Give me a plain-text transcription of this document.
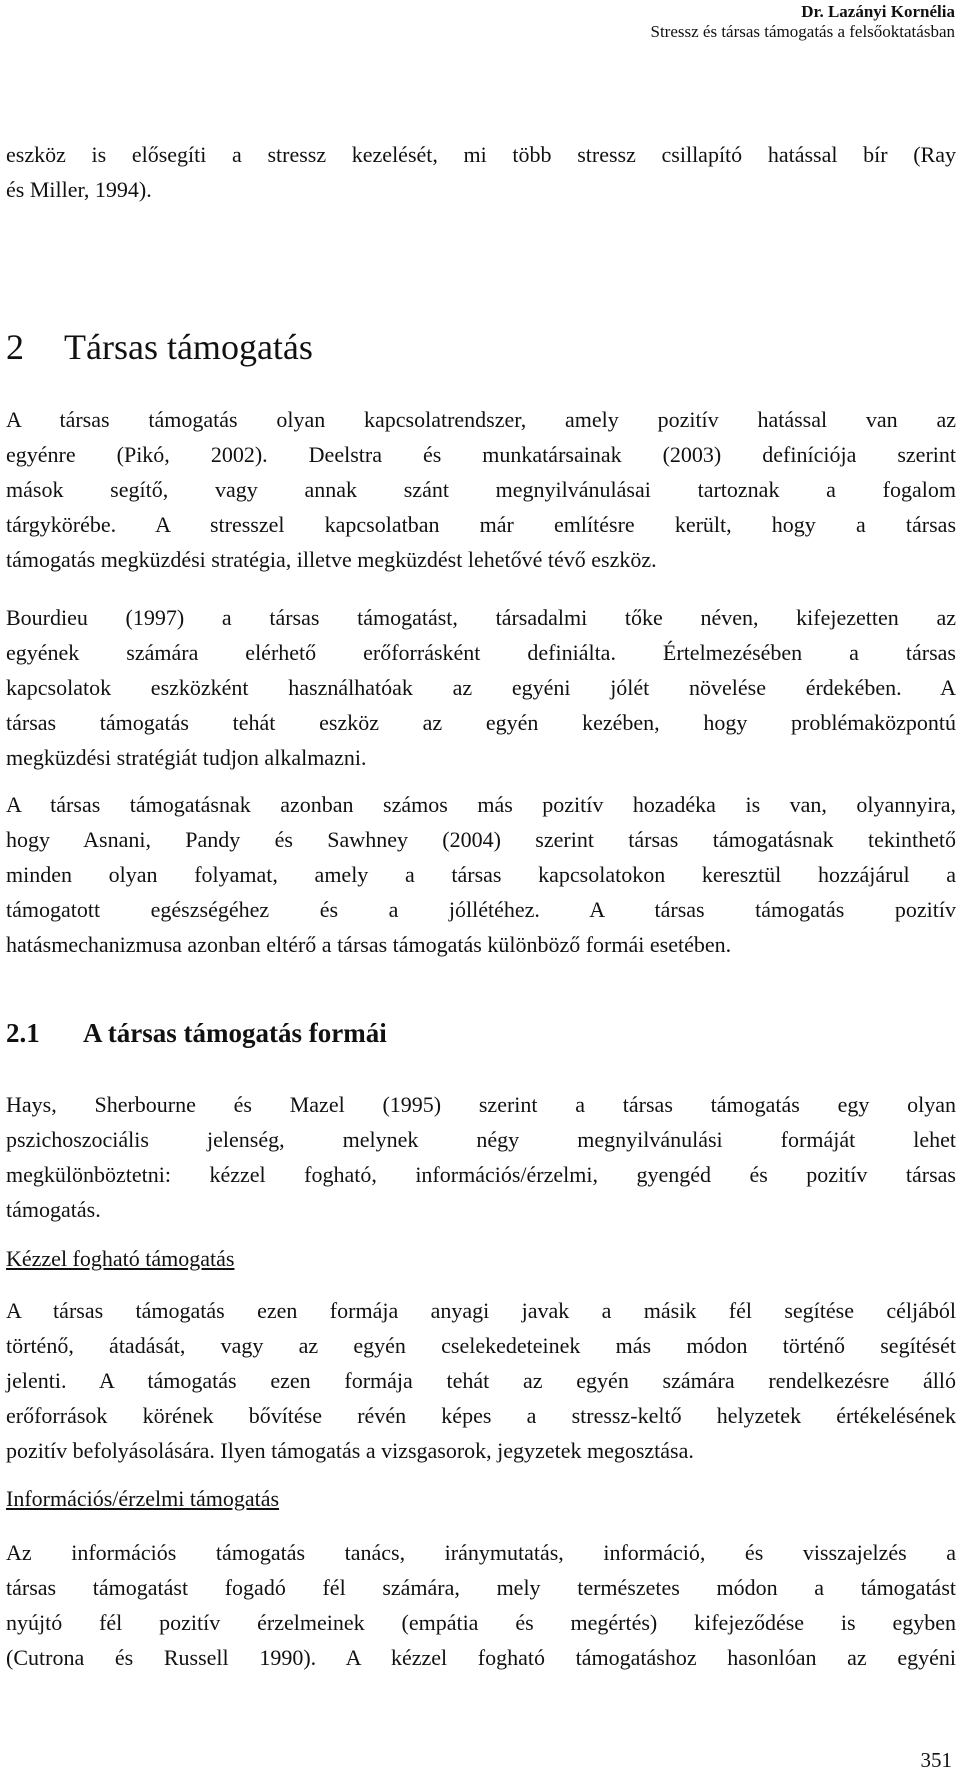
Dr. Lazányi Kornélia
Stressz és társas támogatás a felsőoktatásban
eszköz is elősegíti a stressz kezelését, mi több stressz csillapító hatással bír (Ray
és Miller, 1994).
2 Társas támogatás
A társas támogatás olyan kapcsolatrendszer, amely pozitív hatással van az
egyénre (Pikó, 2002). Deelstra és munkatársainak (2003) definíciója szerint
mások segítő, vagy annak szánt megnyilvánulásai tartoznak a fogalom
tárgykörébe. A stresszel kapcsolatban már említésre került, hogy a társas
támogatás megküzdési stratégia, illetve megküzdést lehetővé tévő eszköz.
Bourdieu (1997) a társas támogatást, társadalmi tőke néven, kifejezetten az
egyének számára elérhető erőforrásként definiálta. Értelmezésében a társas
kapcsolatok eszközként használhatóak az egyéni jólét növelése érdekében. A
társas támogatás tehát eszköz az egyén kezében, hogy problémaközpontú
megküzdési stratégiát tudjon alkalmazni.
A társas támogatásnak azonban számos más pozitív hozadéka is van, olyannyira,
hogy Asnani, Pandy és Sawhney (2004) szerint társas támogatásnak tekinthető
minden olyan folyamat, amely a társas kapcsolatokon keresztül hozzájárul a
támogatott egészségéhez és a jóllétéhez. A társas támogatás pozitív
hatásmechanizmusa azonban eltérő a társas támogatás különböző formái esetében.
2.1 A társas támogatás formái
Hays, Sherbourne és Mazel (1995) szerint a társas támogatás egy olyan
pszichoszociális jelenség, melynek négy megnyilvánulási formáját lehet
megkülönböztetni: kézzel fogható, információs/érzelmi, gyengéd és pozitív társas
támogatás.
Kézzel fogható támogatás
A társas támogatás ezen formája anyagi javak a másik fél segítése céljából
történő, átadását, vagy az egyén cselekedeteinek más módon történő segítését
jelenti. A támogatás ezen formája tehát az egyén számára rendelkezésre álló
erőforrások körének bővítése révén képes a stressz-keltő helyzetek értékelésének
pozitív befolyásolására. Ilyen támogatás a vizsgasorok, jegyzetek megosztása.
Információs/érzelmi támogatás
Az információs támogatás tanács, iránymutatás, információ, és visszajelzés a
társas támogatást fogadó fél számára, mely természetes módon a támogatást
nyújtó fél pozitív érzelmeinek (empátia és megértés) kifejeződése is egyben
(Cutrona és Russell 1990). A kézzel fogható támogatáshoz hasonlóan az egyéni
351
